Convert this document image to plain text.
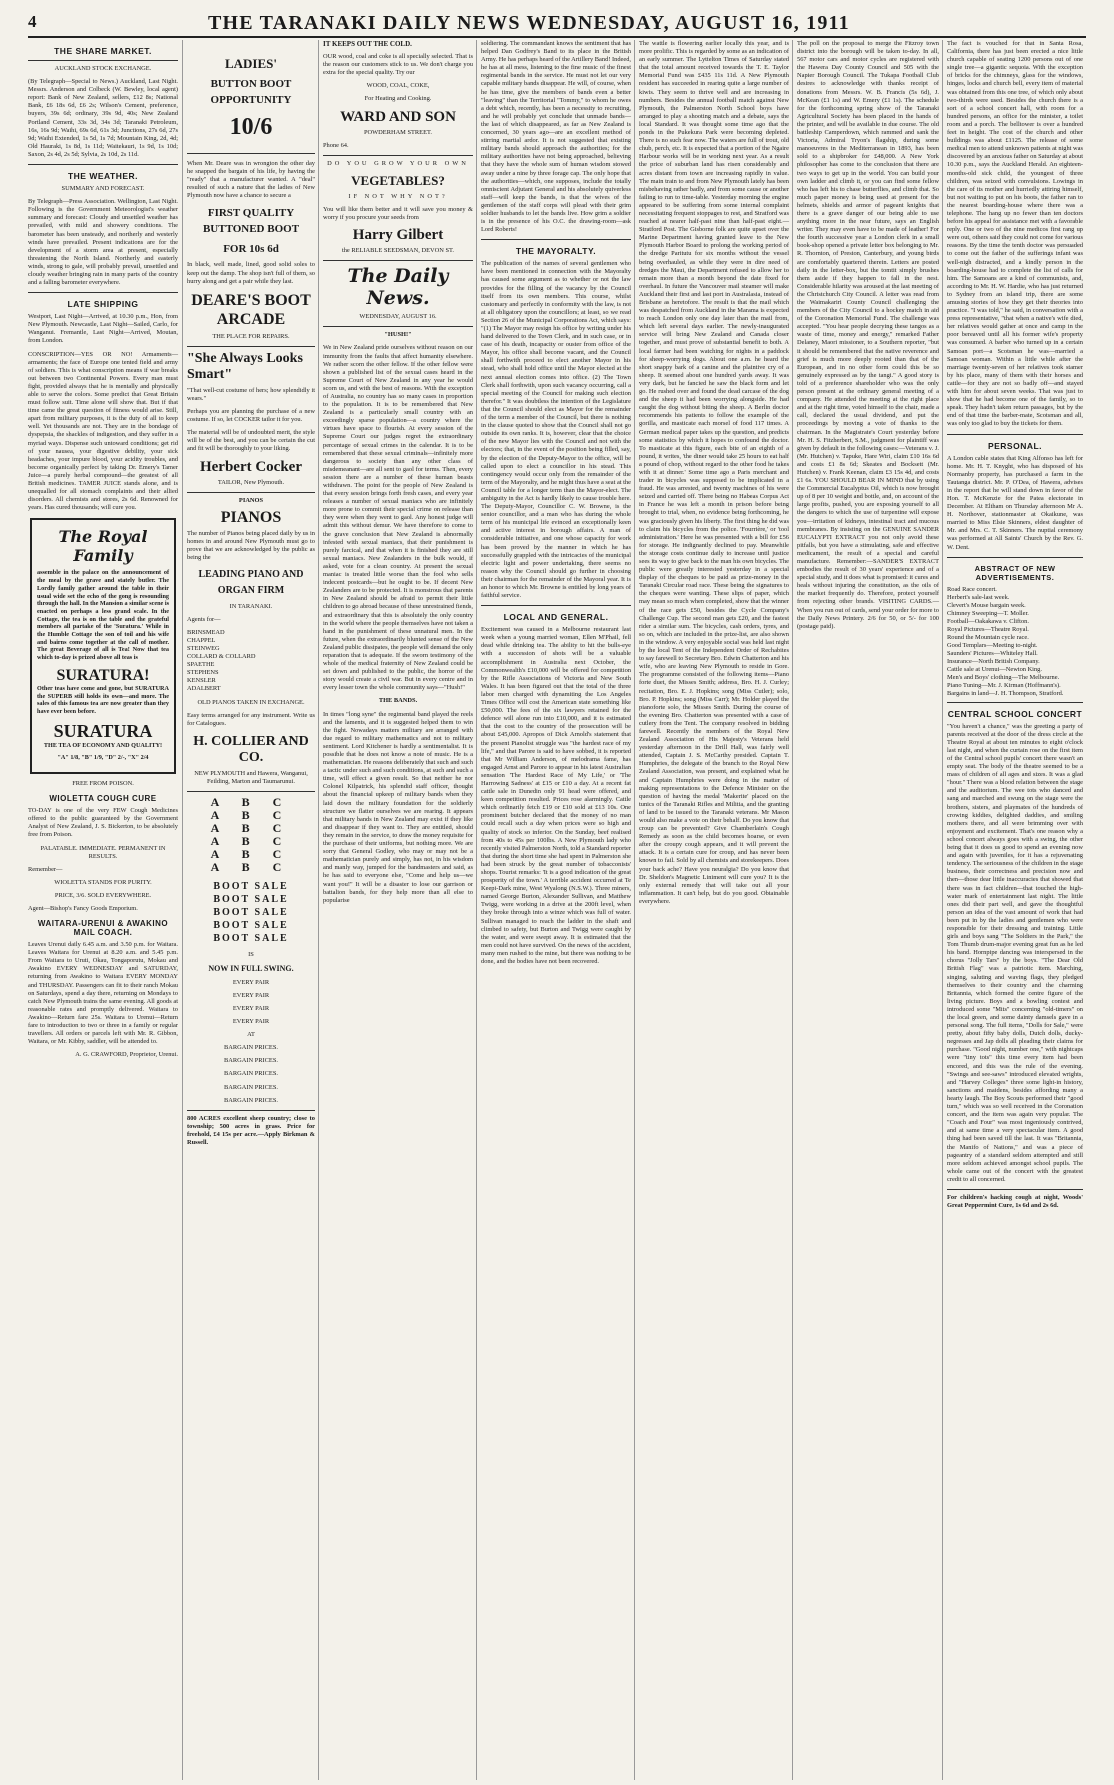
4	THE TARANAKI DAILY NEWS WEDNESDAY, AUGUST 16, 1911
THE SHARE MARKET.

AUCKLAND STOCK EXCHANGE.

(By Telegraph—Special to News.) Auckland, Last Night. Messrs. Anderson and Colbeck (W. Bewley, local agent) report: Bank of New Zealand, sellers, £12 8s; National Bank, £6 18s 6d, £6 2s; Wilson's Cement, preference, buyers, 39s 6d; ordinary, 39s 9d, 40s; New Zealand Portland Cement, 33s 3d, 34s 3d; Taranaki Petroleum, 16s, 16s 9d; Waihi, 69s 6d, 61s 3d; Junctions, 27s 6d, 27s 9d; Waihi Extended, 1s 5d, 1s 7d; Mountain King, 2d, 4d; Old Hauraki, 1s 8d, 1s 11d; Waitekauri, 1s 9d, 1s 10d; Saxon, 2s 4d, 2s 5d; Sylvia, 2s 10d, 2s 11d.

THE WEATHER.

SUMMARY AND FORECAST.

By Telegraph—Press Association. Wellington, Last Night. Following is the Government Meteorologist's weather summary and forecast: Cloudy and unsettled weather has prevailed, with mild and showery conditions. The barometer has been unsteady, and northerly and westerly winds have prevailed. Present indications are for the development of a storm area at present, especially threatening the North Island. Northerly and easterly winds, strong to gale, will probably prevail, unsettled and cloudy weather bringing rain in many parts of the country and a falling barometer everywhere.

LATE SHIPPING

Westport, Last Night—Arrived, at 10.30 p.m., Hon, from New Plymouth. Newcastle, Last Night—Sailed, Carlo, for Wanganui. Fremantle, Last Night—Arrived, Moutan, from London.

CONSCRIPTION—YES OR NO! Armaments—armaments; the face of Europe one tented field and army of soldiers. This is what conscription means if war breaks out between two Continental Powers. Every man must fight, provided always that he is mentally and physically able to serve the colors. Some predict that Great Britain must follow suit. Time alone will show that. But if that time came the great question of fitness would arise. Still, apart from military purposes, it is the duty of all to keep well. Yet thousands are not. They are in the bondage of dyspepsia, the shackles of indigestion, and they suffer in a myriad ways. Dispense such untoward conditions; get rid of your nausea, your digestive debility, your sick headaches, your impure blood, your acidity troubles, and become organically perfect by taking Dr. Emery's Tamer Juice—a purely herbal compound—the greatest of all British medicines. TAMER JUICE stands alone, and is unequalled for all stomach complaints and their allied disorders. All chemists and stores, 2s 6d. Renowned for years. Has cured thousands; will cure you.

The Royal Family

assemble in the palace on the announcement of the meal by the grave and stately butler. The Lordly family gather around the table in their usual wide set the echo of the gong is resounding through the hall. In the Mansion a similar scene is enacted on perhaps a less grand scale. In the Cottage, the tea is on the table and the grateful members all partake of the 'Suratura.' While in the Humble Cottage the son of toil and his wife and bairns come together at the call of mother. The great Beverage of all is Tea! Now that tea which to-day is prized above all teas is

SURATURA!

Other teas have come and gone, but SURATURA the SUPERB still holds its own—and more. The sales of this famous tea are now greater than they have ever been before.

SURATURA

THE TEA OF ECONOMY AND QUALITY!

"A" 1/8, "B" 1/9, "D" 2/-, "X" 2/4

FREE FROM POISON.

WIOLETTA COUGH CURE

TO-DAY is one of the very FEW Cough Medicines offered to the public guaranteed by the Government Analyst of New Zealand, J. S. Bickerton, to be absolutely free from Poison.

PALATABLE. IMMEDIATE. PERMANENT IN RESULTS.

Remember—

WIOLETTA STANDS FOR PURITY.

PRICE, 3/6. SOLD EVERYWHERE.

Agent—Bishop's Fancy Goods Emporium.

WAITARA-URENUI & AWAKINO MAIL COACH.

Leaves Urenui daily 6.45 a.m. and 3.50 p.m. for Waitara. Leaves Waitara for Urenui at 8.20 a.m. and 5.45 p.m. From Waitara to Uruti, Okau, Tongaporutu, Mokau and Awakino EVERY WEDNESDAY and SATURDAY, returning from Awakino to Waitara EVERY MONDAY and THURSDAY. Passengers can fit to their ranch Mokau on Saturdays, spend a day there, returning on Mondays to catch New Plymouth trains the same evening. All goods at reasonable rates and promptly delivered. Waitara to Awakino—Return fare 25s. Waitara to Urenui—Return fare to introduction to two or three in a family or regular travellers. All orders or parcels left with Mr. R. Gibbon, Waitara, or Mr. Kibby, saddler, will be attended to.

A. G. CRAWFORD, Proprietor, Urenui.

LADIES'
BUTTON BOOT OPPORTUNITY
10/6

When Mr. Deare was in wrongton the other day he snapped the bargain of his life, by having the "ready" that a manufacturer wanted. A "deal" resulted of such a nature that the ladies of New Plymouth now have a chance to secure a

FIRST QUALITY BUTTONED BOOT
FOR 10s 6d

In black, well made, lined, good solid soles to keep out the damp. The shop isn't full of them, so hurry along and get a pair while they last.

DEARE'S BOOT ARCADE

THE PLACE FOR REPAIRS.

"She Always Looks Smart"

"That well-cut costume of hers; how splendidly it wears."

Perhaps you are planning the purchase of a new costume. If so, let COCKER tailor it for you.

The material will be of undoubted merit, the style will be of the best, and you can be certain the cut and fit will be thoroughly to your liking.

Herbert Cocker

TAILOR, New Plymouth.

PIANOS

PIANOS

The number of Pianos being placed daily by us in homes in and around New Plymouth must go to prove that we are acknowledged by the public as being the

LEADING PIANO AND ORGAN FIRM

IN TARANAKI.

Agents for—

BRINSMEAD
CHAPPEL
STEINWEG
COLLARD & COLLARD
SPAETHE
STEPHENS
KENSLER
ADALBERT

OLD PIANOS TAKEN IN EXCHANGE.

Easy terms arranged for any instrument. Write us for Catalogues.

H. COLLIER AND CO.

NEW PLYMOUTH and Hawera, Wanganui, Feilding, Marton and Taumarunui.

A B C
A B C
A B C
A B C
A B C
A B C
BOOT SALE
BOOT SALE
BOOT SALE
BOOT SALE
BOOT SALE

IS

NOW IN FULL SWING.

EVERY PAIR

EVERY PAIR

EVERY PAIR

EVERY PAIR

AT

BARGAIN PRICES.

BARGAIN PRICES.

BARGAIN PRICES.

BARGAIN PRICES.

BARGAIN PRICES.

800 ACRES excellent sheep country; close to township; 500 acres in grass. Price for freehold, £4 15s per acre.—Apply Birkman & Russell.

IT KEEPS OUT THE COLD.

OUR wood, coal and coke is all specially selected. That is the reason our customers stick to us. We don't charge you extra for the special quality. Try our

WOOD, COAL, COKE,

For Heating and Cooking.

WARD AND SON

POWDERHAM STREET.

Phone 64.

DO YOU GROW YOUR OWN

VEGETABLES?

IF NOT WHY NOT?

You will like them better and it will save you money & worry if you procure your seeds from

Harry Gilbert

the RELIABLE SEEDSMAN, DEVON ST.

The Daily News.

WEDNESDAY, AUGUST 16.

"HUSH!"

We in New Zealand pride ourselves without reason on our immunity from the faults that affect humanity elsewhere. We rather scorn the other fellow. If the other fellow were shown a published list of the sexual cases heard in the Supreme Court of New Zealand in any year he would scorn us, and with the best of reasons. With the exception of Australia, no country has so many cases in proportion to the population. It is to be remembered that New Zealand is a particularly small country with an exceedingly sparse population—a country where the virtues have space to flourish. At every session of the Supreme Court our judges regret the extraordinary percentage of sexual crimes in the calendar. It is to be remembered that these sexual criminals—infinitely more dangerous to society than any other class of misdemeanant—are all sent to gaol for terms. Then, every session there are a number of these human beasts withdrawn. The point for the people of New Zealand is that every session brings forth fresh cases, and every year releases a number of sexual maniacs who are infinitely more prone to commit their special crime on release than they were when they went to gaol. Any honest judge will admit this without demur. We have therefore to come to the grave conclusion that New Zealand is abnormally infested with sexual maniacs, that their punishment is purely farcical, and that when it is finished they are still sexual maniacs. New Zealanders in the bulk would, if asked, vote for a clean country. At present the sexual maniac is treated little worse than the fool who sells indecent postcards—but he ought to be. If decent New Zealanders are to be protected. It is monstrous that parents in New Zealand should be afraid to permit their little children to go abroad because of these unrestrained fiends, and extraordinary that this is absolutely the only country in the world where the people themselves have not taken a hand in the punishment of these unnatural men. In the future, when the extraordinarily blunted sense of the New Zealand public dissipates, the people will demand the only reparation that is adequate. If the sworn testimony of the whole of the medical fraternity of New Zealand could be set down and published to the public, the horror of the story would create a civil war. But in every centre and in every lesser town the whole community says—"Hush!"

THE BANDS.

In times "long syne" the regimental band played the reels and the laments, and it is suggested helped them to win the fight. Nowadays matters military are arranged with due regard to military mathematics and not to military sentiment. Lord Kitchener is hardly a sentimentalist. It is possible that he does not know a note of music. He is a mathematician. He reasons deliberately that such and such a tactic under such and such conditions, at such and such a time, will effect a given result. So that neither he nor Colonel Kilpatrick, his splendid staff officer, thought about the financial upkeep of military bands when they laid down the military foundation for the soldierly structure we flatter ourselves we are rearing. It appears that military bands in New Zealand may exist if they like and disappear if they want to. They are entitled, should they remain in the service, to draw the money requisite for the purchase of their uniforms, but nothing more. We are sorry that General Godley, who may or may not be a mathematician purely and simply, has not, in his wisdom and manly way, jumped for the bandmasters and said, as he has said to everyone else, "Come and help us—we want you!" It will be a disaster to lose our garrison or battalion bands, for they help more than all else to popularise

soldiering. The commandant knows the sentiment that has helped Dan Godfrey's Band to its place in the British Army. He has perhaps heard of the Artillery Band! Indeed, he has at all mess, listening to the fine music of the finest regimental bands in the service. He must not let our very capable military bands disappear. He will, of course, when he has time, give the members of bands even a better "leaving" than the Territorial "Tommy," to whom he owes a debt which, recently, has been a necessity to recruiting, and he will probably yet conclude that unmade bands—the last of which disappeared, as far as New Zealand is concerned, 30 years ago—are an excellent method of stirring martial ardor. It is not suggested that existing military bands should approach the authorities; for the military authorities have not being approached, believing that they have the whole sum of human wisdom stowed away under a nine by three forage cap. The only hope that the authorities—which, one supposes, include the totally omniscient Adjutant General and his absolutely quiverless staff—will keep the bands, is that the wives of the gentlemen of the staff corps will plead with their grim soldier husbands to let the bands live. How grim a soldier is in the presence of his O.C. the drawing-room—ask Lord Roberts!

THE MAYORALTY.

The publication of the names of several gentlemen who have been mentioned in connection with the Mayoralty has caused some argument as to whether or not the law provides for the filling of the vacancy by the Council itself from its own members. This course, whilst customary and perfectly in conformity with the law, is not at all obligatory upon the councillors; at least, so we read Section 26 of the Municipal Corporations Act, which says: "(1) The Mayor may resign his office by writing under his hand delivered to the Town Clerk, and in such case, or in case of his death, incapacity or ouster from office of the Mayor, his office shall become vacant, and the Council shall forthwith proceed to elect another Mayor in his stead, who shall hold office until the Mayor elected at the next annual election comes into office. (2) The Town Clerk shall forthwith, upon such vacancy occurring, call a special meeting of the Council for making such election therefor." It was doubtless the intention of the Legislature that the Council should elect as Mayor for the remainder of the term a member of the Council, but there is nothing in the clause quoted to show that the Council shall not go outside its own ranks. It is, however, clear that the choice of the new Mayor lies with the Council and not with the electors; that, in the event of the position being filled, say, by the election of the Deputy-Mayor to the office, will be called upon to elect a councillor in his stead. This contingency would occur only from the remainder of the term of the Mayoralty, and he might thus have a seat at the Council table for a longer term than the Mayor-elect. The ambiguity in the Act is hardly likely to cause trouble here. The Deputy-Mayor, Councillor C. W. Browne, is the senior councillor, and a man who has during the whole term of his municipal life evinced an exceptionally keen and active interest in borough affairs. A man of considerable initiative, and one whose capacity for work has been proved by the manner in which he has successfully grappled with the intricacies of the municipal electric light and power undertaking, there seems no reason why the Council should go further in choosing their chairman for the remainder of the Mayoral year. It is an honor to which Mr. Browne is entitled by long years of faithful service.

LOCAL AND GENERAL.

Excitement was caused in a Melbourne restaurant last week when a young married woman, Ellen M'Phail, fell dead while drinking tea. The ability to hit the bulls-eye with a succession of shots will be a valuable accomplishment in Australia next October, the Commonwealth's £10,000 will be offered for competition by the Rifle Associations of Victoria and New South Wales. It has been figured out that the total of the three labor men charged with dynamiting the Los Angeles Times Office will cost the American state something like £50,000. The fees of the six lawyers retained for the defence will alone run into £10,000, and it is estimated that the cost to the country of the prosecution will be about £45,000. Apropos of Dick Arnold's statement that the present Pianolist struggle was "the hardest race of my life," and that Parore is said to have sobbed, it is reported that Mr William Anderson, of melodrama fame, has engaged Arnst and Parore to appear in his latest Australian sensation 'The Hardest Race of My Life,' or 'The Harrowing Sadness' at £15 or £10 a day. At a recent fat cattle sale in Dunedin only 91 head were offered, and keen competition resulted. Prices rose alarmingly. Cattle which ordinarily fetch £19 or £10 sold at £13 10s. One prominent butcher declared that the money of no man could recall such a day when prices were so high and quality of stock so inferior. On the Sunday, beef realised from 40s to 45s per 100lbs. A New Plymouth lady who recently visited Palmerston North, told a Standard reporter that during the short time she had spent in Palmerston she had been struck by the great number of tobacconists' shops. Tourist remarks: 'It is a good indication of the great prosperity of the town.' A terrible accident occurred at Te Keepi-Dark mine, West Wyalong (N.S.W.). Three miners, named George Burton, Alexander Sullivan, and Matthew Twigg, were working in a drive at the 200ft level, when they broke through into a winze which was full of water. Sullivan managed to reach the ladder in the shaft and climbed to safety, but Burton and Twigg were caught by the water, and were swept away. It is estimated that the men could not have survived. On the news of the accident, many men rushed to the mine, but there was nothing to be done, and the bodies have not been recovered.

The wattle is flowering earlier locally this year, and is more prolific. This is regarded by some as an indication of an early summer. The Lyttelton Times of Saturday stated that the total amount received towards the T. E. Taylor Memorial Fund was £435 11s 11d. A New Plymouth resident has succeeded in rearing quite a large number of kiwis. They seem to thrive well and are increasing in numbers. Besides the annual football match against New Plymouth, the Palmerston North School boys have arranged to play a shooting match and a debate, says the local Standard. It was thought some time ago that the ponds in the Pukekura Park were becoming depleted. There is no such fear now. The waters are full of trout, old chub, perch, etc. It is expected that a portion of the Ngaire Harbour works will be in working next year. As a result the price of suburban land has risen considerably and acres distant from town are increasing rapidly in value. The main train to and from New Plymouth lately has been misbehaving rather badly, and from some cause or another failing to run to time-table. Yesterday morning the engine appeared to be suffering from some internal complaint necessitating frequent stoppages to rest, and Stratford was reached at nearer half-past nine than half-past eight.—Stratford Post. The Gisborne folk are quite upset over the Marine Department having granted leave to the New Plymouth Harbor Board to prolong the working period of the dredge Paritutu for six months without the vessel being overhauled, as while they were in dire need of dredges the Maui, the Department refused to allow her to remain more than a month beyond the date fixed for overhaul. In future the Vancouver mail steamer will make Auckland their first and last port in Australasia, instead of Brisbane as heretofore. The result is that the mail which was despatched from Auckland in the Marama is expected to reach London only one day later than the mail from, which left several days earlier. The newly-inaugurated service will bring New Zealand and Canada closer together, and must prove of substantial benefit to both. A local farmer had been watching for nights in a paddock for sheep-worrying dogs. About one a.m. he heard the short snappy bark of a canine and the plaintive cry of a sheep. It seemed about one hundred yards away. It was very dark, but he fancied he saw the black form and let go. He rushed over and found the dead carcase of the dog and the sheep it had been worrying alongside. He had caught the dog without biting the sheep. A Berlin doctor recommends his patients to follow the example of the gorilla, and masticate each morsel of food 117 times. A German medical paper takes up the question, and predicts some statistics by which it hopes to confound the doctor. To masticate at this figure, each bite of an eighth of a pound, it writes, 'the diner would take 25 hours to eat half a pound of chop, without regard to the other food he takes with it at dinner.' Some time ago a Paris merchant and trader in bicycles was supposed to be implicated in a fraud. He was arrested, and twenty machines of his were seized and carried off. There being no Habeas Corpus Act in France he was left a month in prison before being brought to trial, when, no evidence being forthcoming, he was graciously given his liberty. The first thing he did was to claim his bicycles from the police. 'Fourrière,' or 'tool administration.' Here he was presented with a bill for £56 for storage. He indignantly declined to pay. Meanwhile the storage costs continue daily to increase until justice sees its way to give back to the man his own bicycles. The public were greatly interested yesterday in a special display of the cheques to be paid as prize-money in the Taranaki Circular road race. These being the signatures to the cheques were wanting. These slips of paper, which may mean so much when completed, show that the winner of the race gets £50, besides the Cycle Company's Challenge Cup. The second man gets £20, and the fastest rider a similar sum. The bicycles, cash orders, tyres, and so on, which are included in the prize-list, are also shown in the window. A very enjoyable social was held last night by the local Tent of the Independent Order of Rechabites to say farewell to Secretary Bro. Edwin Chatterton and his wife, who are leaving New Plymouth to reside in Gore. The programme consisted of the following items—Piano forte duet, the Misses Smith; address, Bro. H. J. Curley; recitation, Bro. E. J. Hopkins; song (Miss Cutler); solo, Bro. P. Hopkins; song (Miss Carr); Mr. Holder played the pianoforte solo, the Misses Smith. During the course of the evening Bro. Chatterton was presented with a case of cutlery from the Tent. The company resolved in bidding farewell. Recently the members of the Royal New Zealand Association of His Majesty's Veterans held yesterday afternoon in the Drill Hall, was fairly well attended, Captain J. S. McCarthy presided. Captain T. Humphries, the delegate of the branch to the Royal New Zealand Association, was present, and explained what he and Captain Humphries were doing in the matter of making representations to the Defence Minister on the question of having the medal 'Makerite' placed on the tunics of the Taranaki Rifles and Militia, and the granting of land to be issued to the Taranaki veterans. Mr Mason would also make a vote on their behalf. Do you know that croup can be prevented? Give Chamberlain's Cough Remedy as soon as the child becomes hoarse, or even after the croupy cough appears, and it will prevent the attack. It is a certain cure for croup, and has never been known to fail. Sold by all chemists and storekeepers. Does your back ache? Have you neuralgia? Do you know that Dr. Sheldon's Magnetic Liniment will cure you? It is the only external remedy that will take out all your inflammation. It can't help, but do you good. Obtainable everywhere.

The poll on the proposal to merge the Fitzroy town district into the borough will be taken to-day. In all, 567 motor cars and motor cycles are registered with the Hawera Day County Council and 505 with the Napier Borough Council. The Tukapa Football Club desires to acknowledge with thanks receipt of donations from Messrs. W. B. Francis (5s 6d), J. McKean (£1 1s) and W. Emery (£1 1s). The schedule for the forthcoming spring show of the Taranaki Agricultural Society has been placed in the hands of the printer, and will be available in due course. The old battleship Camperdown, which rammed and sank the Victoria, Admiral Tryon's flagship, during some manoeuvres in the Mediterranean in 1893, has been sold to a shipbroker for £48,000. A New York philosopher has come to the conclusion that there are two ways to get up in the world. You can build your own ladder and climb it, or you can find some fellow who has left his to chase butterflies, and climb that. So much paper money is being used at present for the helmets, shields and armor of pageant knights that there is a grave danger of our being able to use anything more in the near future, says an English writer. They may even have to be made of leather! For the fourth successive year a London clerk in a small book-shop opened a private letter box belonging to Mr. R. Thornton, of Preston, Canterbury, and young birds are comfortably quartered therein. Letters are posted daily in the letter-box, but the tomtit simply brushes them aside if they happen to fall in the nest. Considerable hilarity was aroused at the last meeting of the Christchurch City Council. A letter was read from the Waimakariri County Council challenging the members of the City Council to a hockey match in aid of the Coronation Memorial Fund. The challenge was accepted. "You hear people decrying these tangos as a waste of time, money and energy," remarked Father Delaney, Maori missioner, to a Southern reporter, "but it should be remembered that the native reverence and grief is much more deeply rooted than that of the European, and in no other form could this be so genuinely expressed as by the tangi." A good story is told of a preference shareholder who was the only person present at the ordinary general meeting of a company. He attended the meeting at the right place and at the right time, voted himself to the chair, made a call, declared the usual dividend, and put the proceedings by moving a vote of thanks to the chairman. In the Magistrate's Court yesterday before Mr. H. S. Fitzherbert, S.M., judgment for plaintiff was given by default in the following cases:—Veterans v. J. (Mr. Hutchen) v. Tapuke, Hare Wiri, claim £10 16s 6d and costs £1 8s 6d; Skeates and Bocksett (Mr. Hutchen) v. Frank Keenan, claim £3 15s 4d, and costs £1 6s. YOU SHOULD BEAR IN MIND that by using the Commercial Eucalyptus Oil, which is now brought up of 8 per 10 weight and bottle, and, on account of the large profits, pushed, you are exposing yourself to all the dangers to which the use of turpentine will expose you—irritation of kidneys, intestinal tract and mucous membranes. By insisting on the GENUINE SANDER EUCALYPTI EXTRACT you not only avoid these pitfalls, but you have a stimulating, safe and effective medicament, the result of a special and careful manufacture. Remember:—SANDER'S EXTRACT embodies the result of 30 years' experience and of a special study, and it does what is promised: it cures and heals without injuring the constitution, as the oils of the market frequently do. Therefore, protect yourself from rejecting other brands. VISITING CARDS.—When you run out of cards, send your order for more to the Daily News Printery. 2/6 for 50, or 5/- for 100 (postage paid).

The fact is vouched for that in Santa Rosa, California, there has just been erected a nice little church capable of seating 1200 persons out of one single tree—a gigantic sequoia. With the exception of bricks for the chimneys, glass for the windows, hinges, locks and church bell, every item of material was obtained from this one tree, of which only about two-thirds were used. Besides the church there is a sort of a school concert hall, with room for a hundred persons, an office for the minister, a toilet room and a porch. The belltower is over a hundred feet in height. The cost of the church and other buildings was about £1125. The release of some medical men to attend unknown patients at night was discovered by an anxious father on Saturday at about 10.30 p.m., says the Auckland Herald. An eighteen-months-old sick child, the youngest of three children, was seized with convulsions. Lowings in the care of its mother and hurriedly attiring himself, but not waiting to put on his boots, the father ran to the nearest boarding-house where there was a telephone. The hang up no fewer than ten doctors before his appeal for assistance met with a favorable reply. One or two of the nine medicos first rang up were out, others said they could not come for various reasons. By the time the tenth doctor was persuaded to come out the father of the sufferings infant was well-nigh distracted, and a kindly person in the boarding-house had to complete the list of calls for him. The Samoans are a kind of communists, and, according to Mr. H. W. Hardie, who has just returned to Sydney from an island trip, there are some amusing stories of how they get their theories into practice. "I was told," he said, in conversation with a press representative, "that when a native's wife died, her relatives would gather at once and camp in the poor bereaved until all his former wife's property was consumed. A barber who turned up in a certain Samoan port—a Scotsman he was—married a Samoan woman. Within a little while after the marriage twenty-seven of her relatives took stamer by his place, many of them with their horses and cattle—for they are not so badly off—and stayed with him for about seven weeks. That was just to show that he had become one of the family, so to speak. They hadn't taken return passages, but by the end of that time the barber-mate, Scotsman and all, was only too glad to buy the tickets for them.

PERSONAL.

A London cable states that King Alfonso has left for home. Mr. H. T. Knyght, who has disposed of his Normanby property, has purchased a farm in the Tautanga district. Mr. P. O'Dea, of Hawera, advises in the report that he will stand down in favor of the Hon. T. McKenzie for the Patea electorate in December. At Eltham on Thursday afternoon Mr A. H. Northover, stationmaster at Okaikune, was married to Miss Elsie Skinners, eldest daughter of Mr. and Mrs. C. T. Skinners. The nuptial ceremony was performed at All Saints' Church by the Rev. G. W. Dent.

ABSTRACT OF NEW ADVERTISEMENTS.
Road Race concert.
Herbert's sale-last week.
Clevert's Mouse bargain week.
Chimney Sweeping—T. Moller.
Football—Oakakawa v. Clifton.
Royal Pictures—Theatre Royal.
Round the Mountain cycle race.
Good Templars—Meeting to-night.
Saunders' Pictures—Whiteley Hall.
Insurance—North British Company.
Cattle sale at Urenui—Newton King.
Men's and Boys' clothing—The Melbourne.
Piano Tuning—Mr. J. Kirman (Hoffmann's).
Bargains in land—J. H. Thompson, Stratford.
CENTRAL SCHOOL CONCERT

"You haven't a chance," was the greeting a party of parents received at the door of the dress circle at the Theatre Royal at about ten minutes to eight o'clock last night, and when the curtain rose on the first item of the Central school pupils' concert there wasn't an empty seat. The body of the theatre seemed to be a mass of children of all ages and sizes. It was a glad "hour." There was a blood relation between the stage and the auditorium. The wee tots who danced and sang and marched and swung on the stage were the brothers, sisters, and playmates of the hundreds of crowing kiddies, delighted daddies, and smiling mothers there, and all were brimming over with enjoyment and excitement. That's one reason why a school concert always goes with a swing, the other being that it does us good to spend an evening now and again with juveniles, for it has a rejuvenating tendency. The seriousness of the children in the stage business, their correctness and precision now and then—those dear little inaccuracies that showed that there was in fact children—that touched the high-water mark of entertainment last night. The little ones did their part well, and gave the thoughtful person an idea of the vast amount of work that had been put in by the ladies and gentlemen who were responsible for their dressing and training. Little girls and boys sang "The Soldiers in the Park," the Tom Thumb drum-major evening great fun as he led his band. Hornpipe dancing was interspersed in the chorus "Jolly Tars" by the boys. "The Dear Old British Flag" was a patriotic item. Marching, singing, saluting and waving flags, they pledged themselves to their country and the charming Britannia, which formed the centre figure of the living picture. Boys and a bowling contest and introduced some "Mits" concerning "old-timers" on the local green, and some dainty damsels gave in a personal song. The full items, "Dolls for Sale," were pretty, about fifty baby dolls, Dutch dolls, ducky-negresses and Jap dolls all pleading their claims for purchase. "Good night, number one," with nightcaps were "tiny tots" this time every item had been encored, and this was the rule of the evening. "Swings and see-saws" introduced elevated wrights, and "Harvey Colleges" three some light-in history, sanctions and maidens, besides affording many a hearty laugh. The Boy Scouts performed their "good turn," which was so well received in the Coronation concert, and the item was again very popular. The "Coach and Four" was most ingeniously contrived, and at same time a very spectacular item. A good thing had been saved till the last. It was "Britannia, the Manifo of Nations," and was a piece of pageantry of a standard seldom attempted and still more seldom achieved amongst school pupils. The whole came out of the concert with the greatest credit to all concerned.

For children's hacking cough at night, Woods' Great Peppermint Cure, 1s 6d and 2s 6d.
